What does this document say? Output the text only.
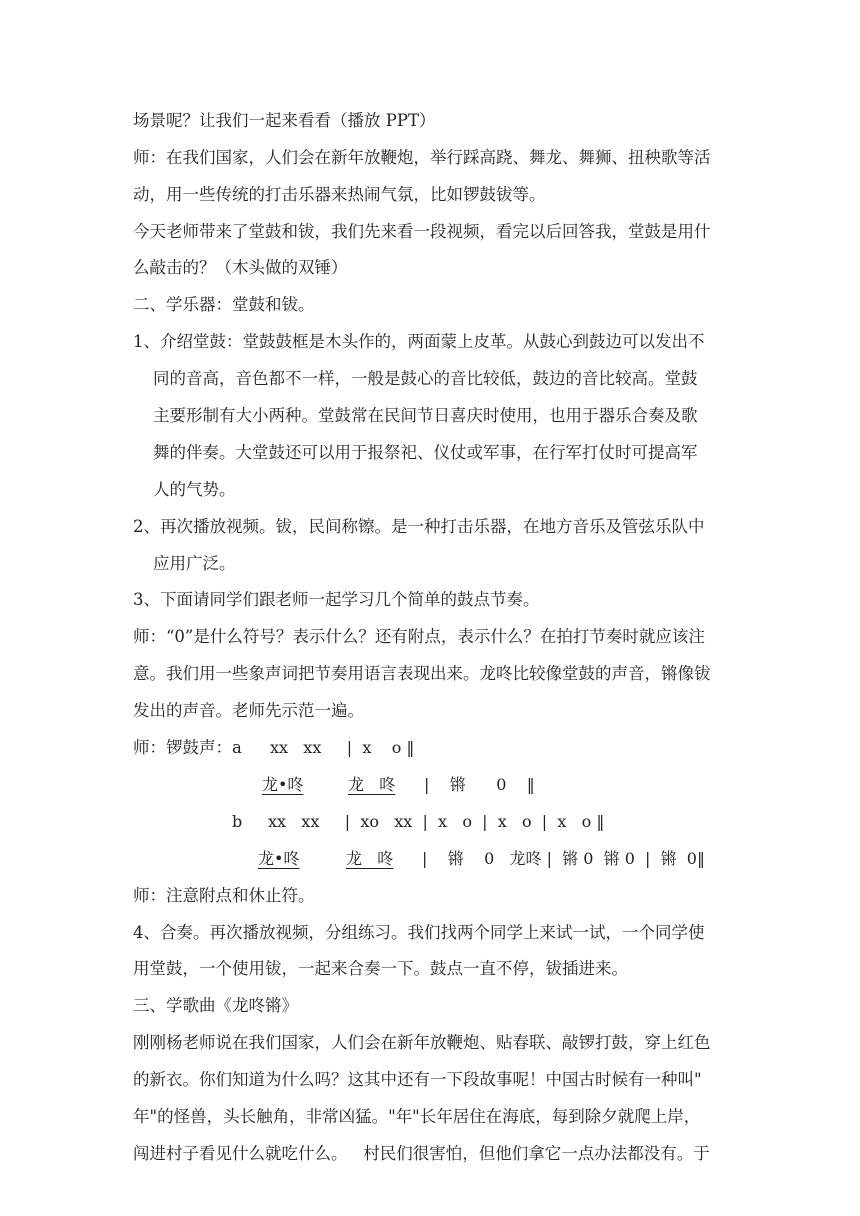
场景呢？让我们一起来看看（播放 PPT）
师：在我们国家，人们会在新年放鞭炮，举行踩高跷、舞龙、舞狮、扭秧歌等活
动，用一些传统的打击乐器来热闹气氛，比如锣鼓钹等。
今天老师带来了堂鼓和钹，我们先来看一段视频，看完以后回答我，堂鼓是用什
么敲击的？（木头做的双锤）
二、学乐器：堂鼓和钹。
1、介绍堂鼓：堂鼓鼓框是木头作的，两面蒙上皮革。从鼓心到鼓边可以发出不
同的音高，音色都不一样，一般是鼓心的音比较低，鼓边的音比较高。堂鼓
主要形制有大小两种。堂鼓常在民间节日喜庆时使用，也用于器乐合奏及歌
舞的伴奏。大堂鼓还可以用于报祭祀、仪仗或军事，在行军打仗时可提高军
人的气势。
2、再次播放视频。钹，民间称镲。是一种打击乐器，在地方音乐及管弦乐队中
应用广泛。
3、下面请同学们跟老师一起学习几个简单的鼓点节奏。
师：“0”是什么符号？表示什么？还有附点，表示什么？在拍打节奏时就应该注
意。我们用一些象声词把节奏用语言表现出来。龙咚比较像堂鼓的声音，锵像钹
发出的声音。老师先示范一遍。
师：锣鼓声：a xx   xx     |  x    o ‖
龙•咚	龙   咚 |    锵      0    ‖
b xx   xx     |  xo   xx  |  x   o  |  x   o  |  x   o ‖
龙•咚	龙   咚 |    锵    0   龙咚 |  锵 0  锵 0  |  锵  0‖
师：注意附点和休止符。
4、合奏。再次播放视频，分组练习。我们找两个同学上来试一试，一个同学使
用堂鼓，一个使用钹，一起来合奏一下。鼓点一直不停，钹插进来。
三、学歌曲《龙咚锵》
刚刚杨老师说在我们国家，人们会在新年放鞭炮、贴春联、敲锣打鼓，穿上红色
的新衣。你们知道为什么吗？这其中还有一下段故事呢！中国古时候有一种叫"
年"的怪兽，头长触角，非常凶猛。"年"长年居住在海底，每到除夕就爬上岸，
闯进村子看见什么就吃什么。   村民们很害怕，但他们拿它一点办法都没有。于
